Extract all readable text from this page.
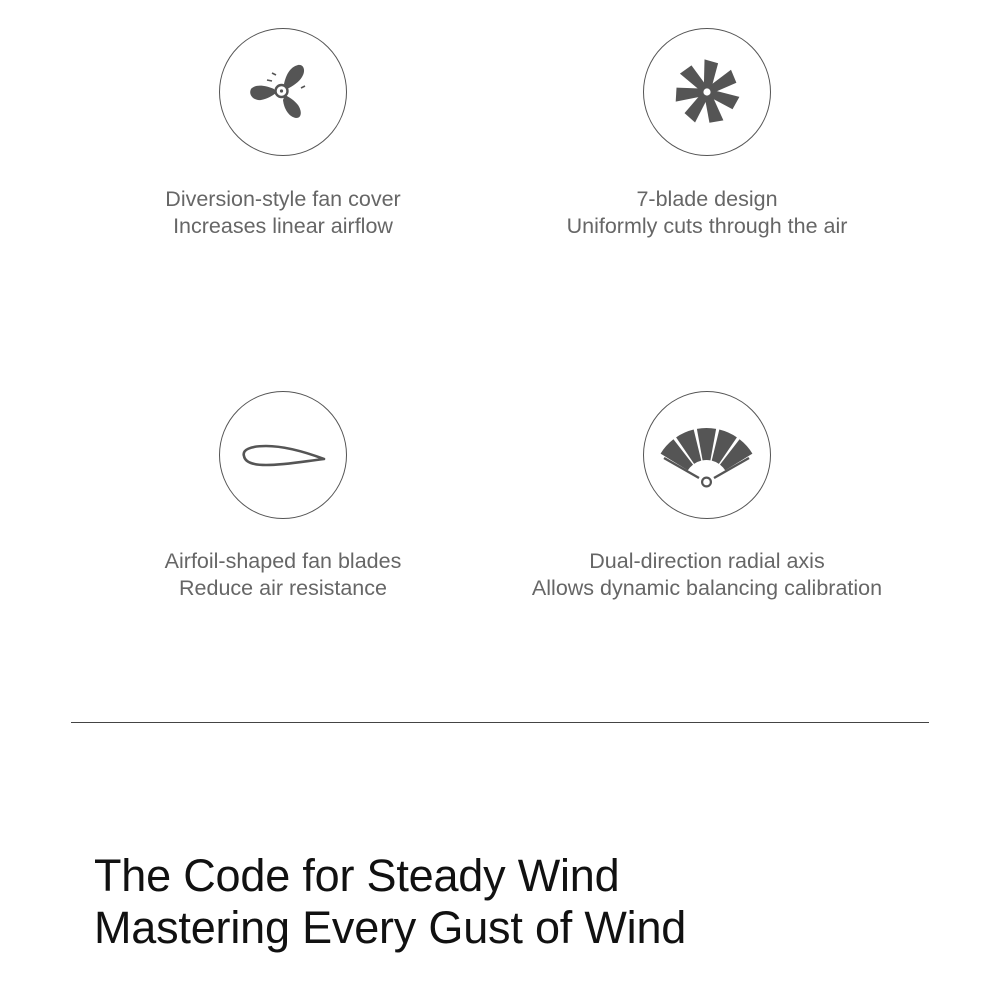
Diversion-style fan cover
Increases linear airflow
7-blade design
Uniformly cuts through the air
Airfoil-shaped fan blades
Reduce air resistance
Dual-direction radial axis
Allows dynamic balancing calibration
The Code for Steady Wind
Mastering Every Gust of Wind
